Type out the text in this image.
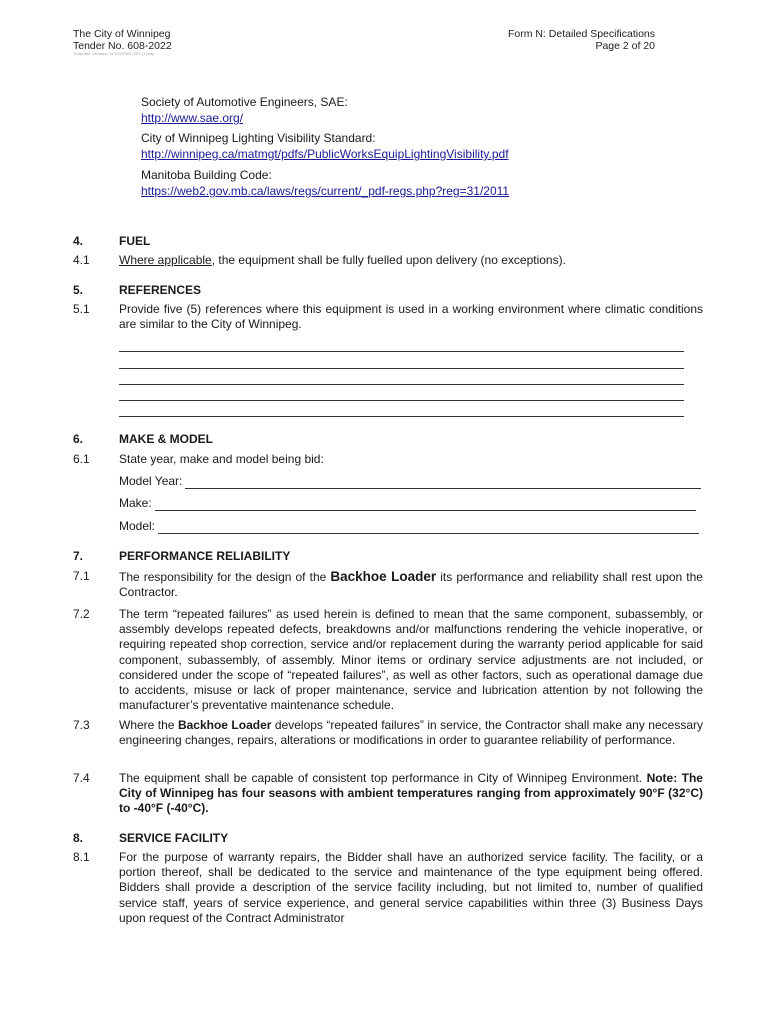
The City of Winnipeg
Tender No. 608-2022
Template Version: eC2020301-257 (1)sap
Form N: Detailed Specifications
Page 2 of 20
Society of Automotive Engineers, SAE:
http://www.sae.org/
City of Winnipeg Lighting Visibility Standard:
http://winnipeg.ca/matmgt/pdfs/PublicWorksEquipLightingVisibility.pdf
Manitoba Building Code:
https://web2.gov.mb.ca/laws/regs/current/_pdf-regs.php?reg=31/2011
4.	FUEL
4.1 Where applicable, the equipment shall be fully fuelled upon delivery (no exceptions).
5.	REFERENCES
5.1 Provide five (5) references where this equipment is used in a working environment where climatic conditions are similar to the City of Winnipeg.
6.	MAKE & MODEL
6.1 State year, make and model being bid:
Model Year:
Make:
Model:
7.	PERFORMANCE RELIABILITY
7.1 The responsibility for the design of the Backhoe Loader its performance and reliability shall rest upon the Contractor.
7.2 The term “repeated failures” as used herein is defined to mean that the same component, subassembly, or assembly develops repeated defects, breakdowns and/or malfunctions rendering the vehicle inoperative, or requiring repeated shop correction, service and/or replacement during the warranty period applicable for said component, subassembly, of assembly. Minor items or ordinary service adjustments are not included, or considered under the scope of “repeated failures”, as well as other factors, such as operational damage due to accidents, misuse or lack of proper maintenance, service and lubrication attention by not following the manufacturer’s preventative maintenance schedule.
7.3 Where the Backhoe Loader develops “repeated failures” in service, the Contractor shall make any necessary engineering changes, repairs, alterations or modifications in order to guarantee reliability of performance.
7.4 The equipment shall be capable of consistent top performance in City of Winnipeg Environment. Note: The City of Winnipeg has four seasons with ambient temperatures ranging from approximately 90°F (32°C) to -40°F (-40°C).
8.	SERVICE FACILITY
8.1 For the purpose of warranty repairs, the Bidder shall have an authorized service facility. The facility, or a portion thereof, shall be dedicated to the service and maintenance of the type equipment being offered. Bidders shall provide a description of the service facility including, but not limited to, number of qualified service staff, years of service experience, and general service capabilities within three (3) Business Days upon request of the Contract Administrator
